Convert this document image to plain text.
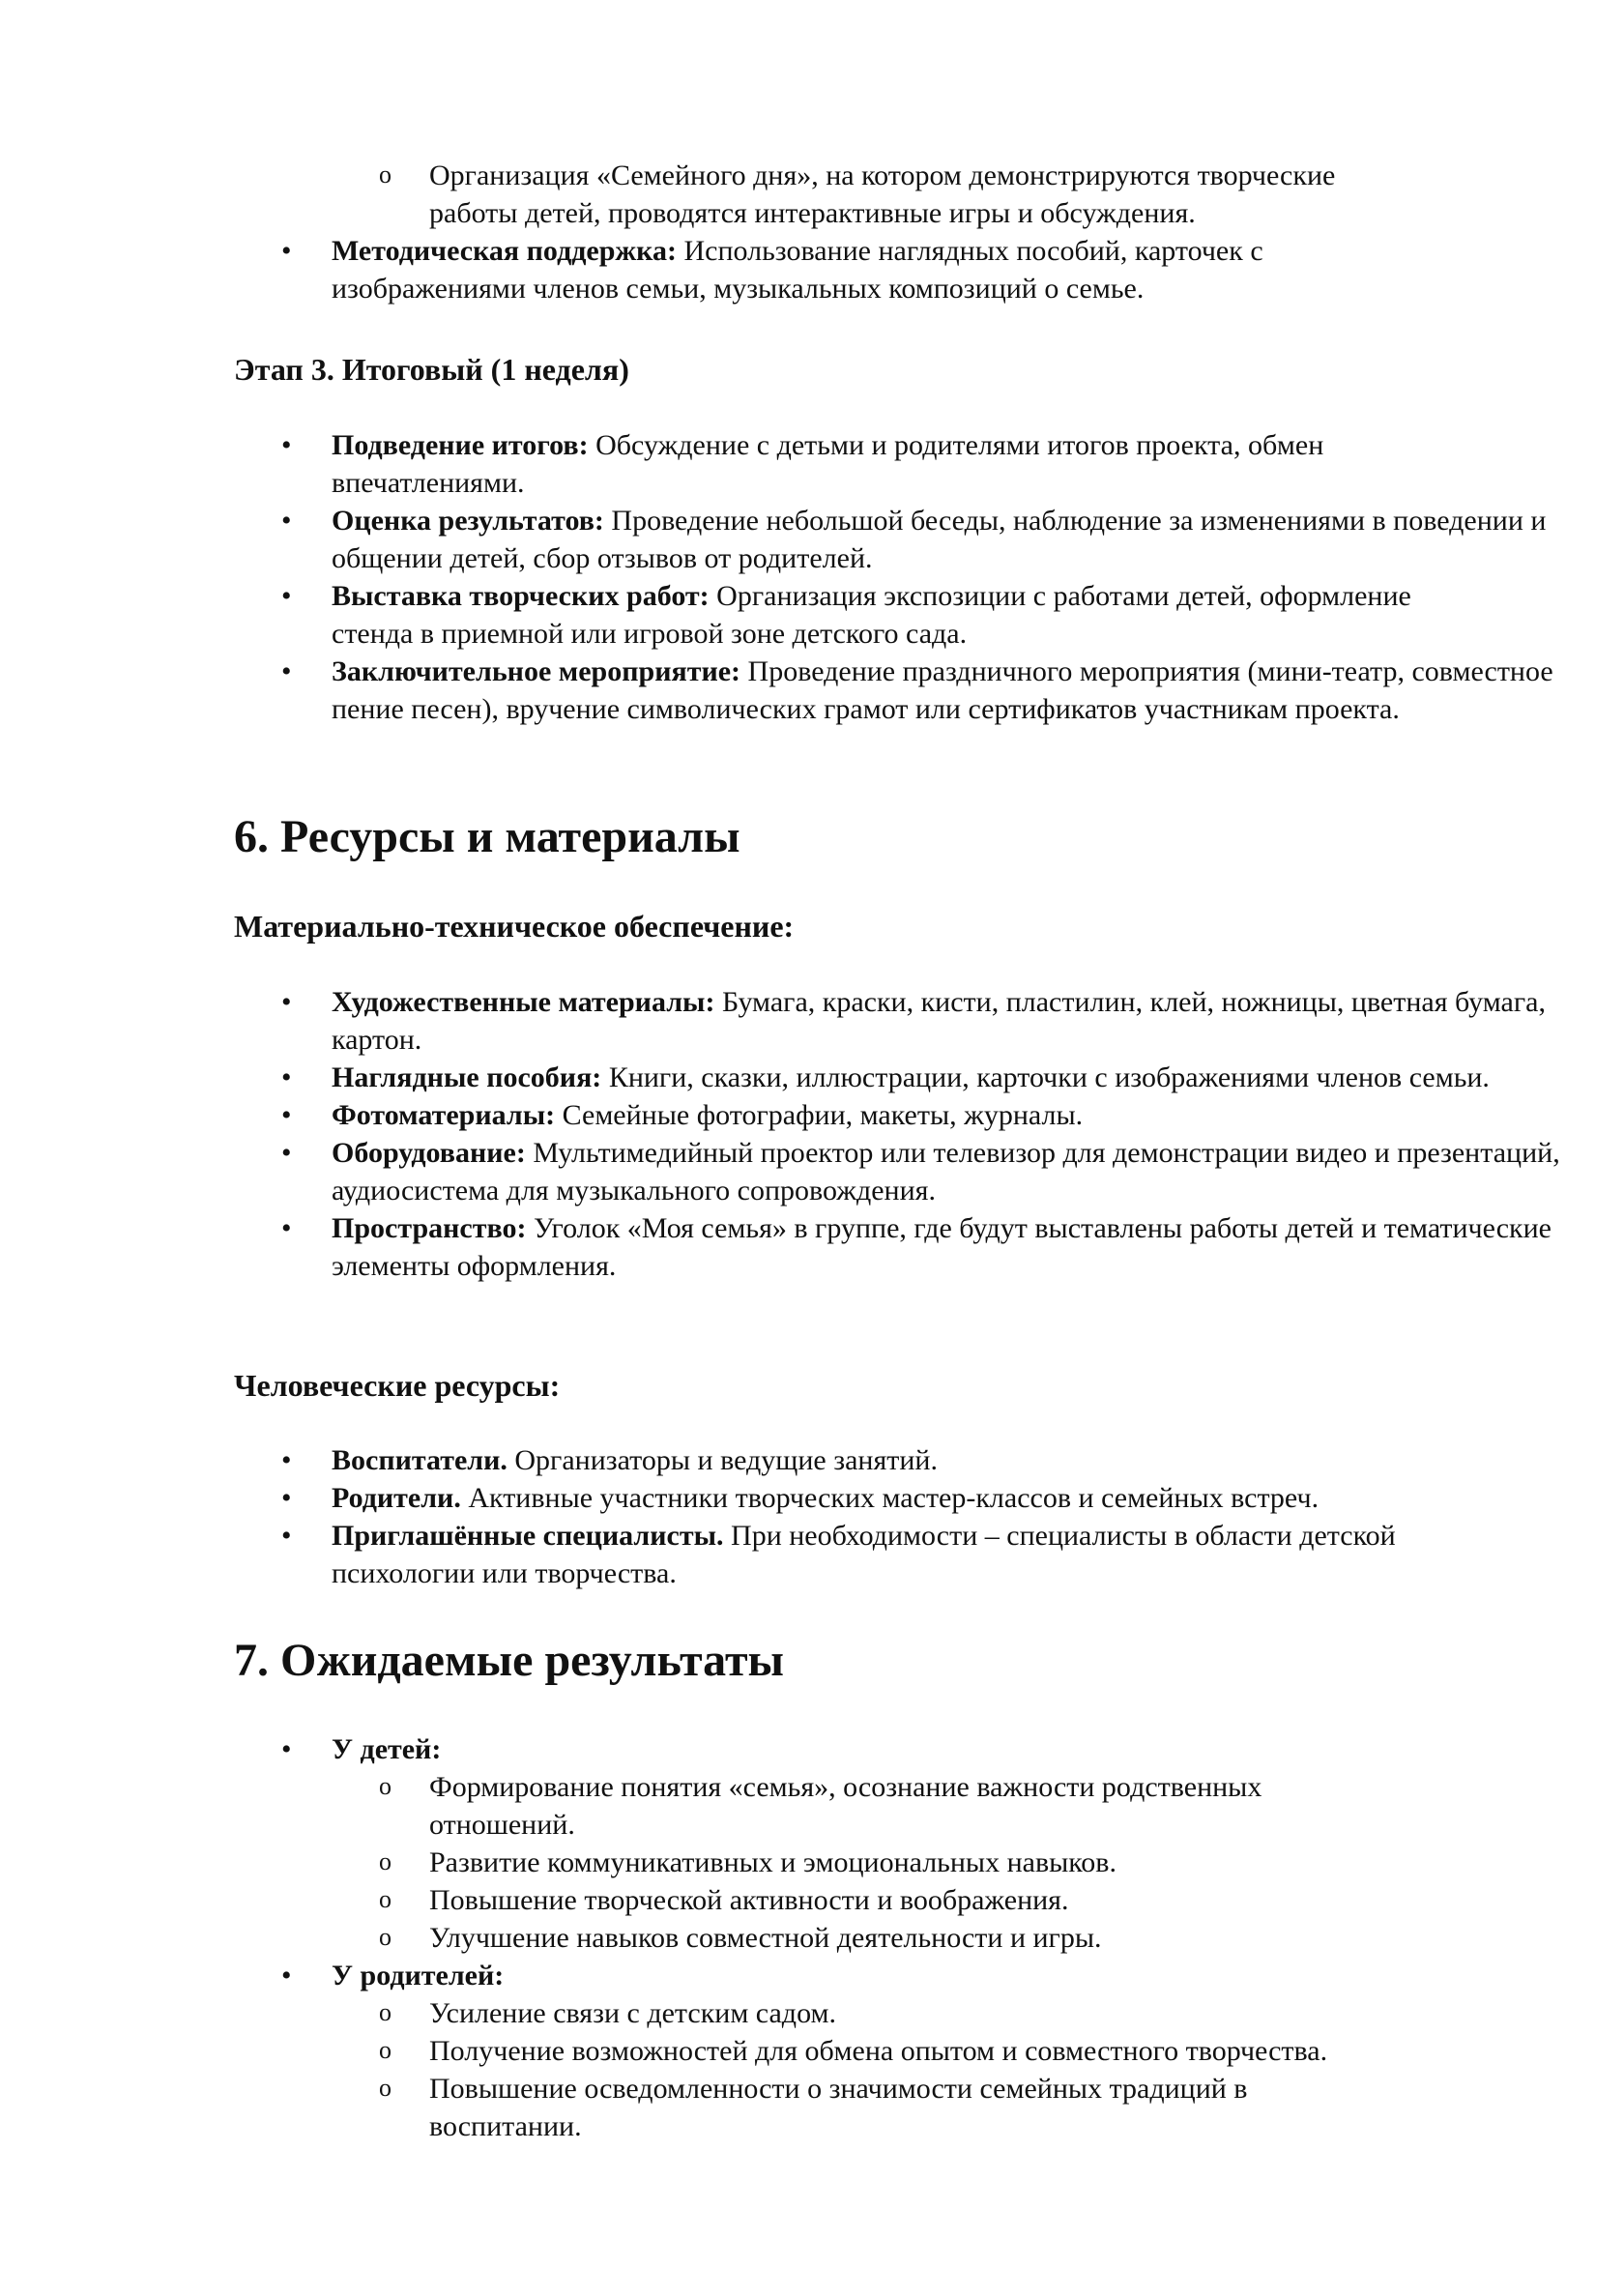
o Организация «Семейного дня», на котором демонстрируются творческие работы детей, проводятся интерактивные игры и обсуждения.
• Методическая поддержка: Использование наглядных пособий, карточек с изображениями членов семьи, музыкальных композиций о семье.
Этап 3. Итоговый (1 неделя)
• Подведение итогов: Обсуждение с детьми и родителями итогов проекта, обмен впечатлениями.
• Оценка результатов: Проведение небольшой беседы, наблюдение за изменениями в поведении и общении детей, сбор отзывов от родителей.
• Выставка творческих работ: Организация экспозиции с работами детей, оформление стенда в приемной или игровой зоне детского сада.
• Заключительное мероприятие: Проведение праздничного мероприятия (мини-театр, совместное пение песен), вручение символических грамот или сертификатов участникам проекта.
6. Ресурсы и материалы
Материально-техническое обеспечение:
• Художественные материалы: Бумага, краски, кисти, пластилин, клей, ножницы, цветная бумага, картон.
• Наглядные пособия: Книги, сказки, иллюстрации, карточки с изображениями членов семьи.
• Фотоматериалы: Семейные фотографии, макеты, журналы.
• Оборудование: Мультимедийный проектор или телевизор для демонстрации видео и презентаций, аудиосистема для музыкального сопровождения.
• Пространство: Уголок «Моя семья» в группе, где будут выставлены работы детей и тематические элементы оформления.
Человеческие ресурсы:
• Воспитатели. Организаторы и ведущие занятий.
• Родители. Активные участники творческих мастер-классов и семейных встреч.
• Приглашённые специалисты. При необходимости – специалисты в области детской психологии или творчества.
7. Ожидаемые результаты
• У детей:
o Формирование понятия «семья», осознание важности родственных отношений.
o Развитие коммуникативных и эмоциональных навыков.
o Повышение творческой активности и воображения.
o Улучшение навыков совместной деятельности и игры.
• У родителей:
o Усиление связи с детским садом.
o Получение возможностей для обмена опытом и совместного творчества.
o Повышение осведомленности о значимости семейных традиций в воспитании.
